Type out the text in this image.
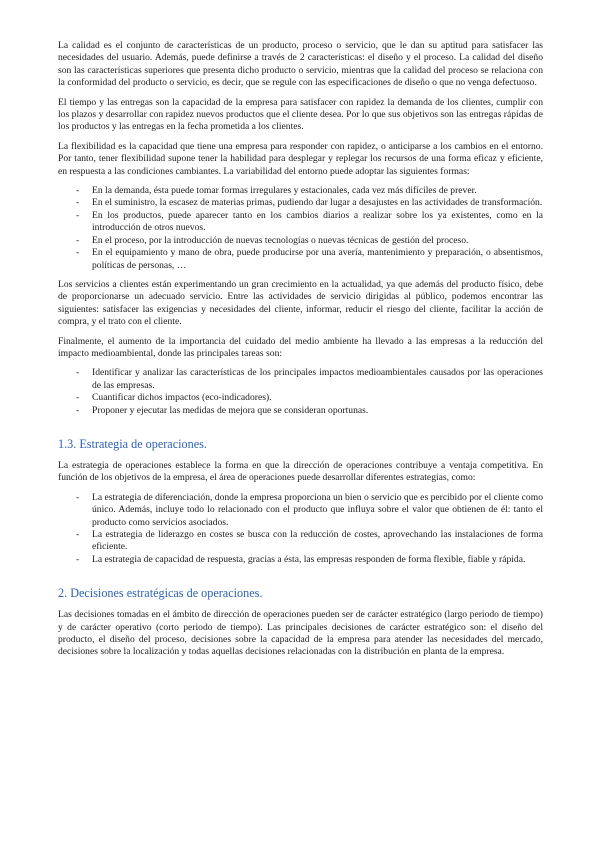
La calidad es el conjunto de características de un producto, proceso o servicio, que le dan su aptitud para satisfacer las necesidades del usuario. Además, puede definirse a través de 2 características: el diseño y el proceso. La calidad del diseño son las características superiores que presenta dicho producto o servicio, mientras que la calidad del proceso se relaciona con la conformidad del producto o servicio, es decir, que se regule con las especificaciones de diseño o que no venga defectuoso.

El tiempo y las entregas son la capacidad de la empresa para satisfacer con rapidez la demanda de los clientes, cumplir con los plazos y desarrollar con rapidez nuevos productos que el cliente desea. Por lo que sus objetivos son las entregas rápidas de los productos y las entregas en la fecha prometida a los clientes.

La flexibilidad es la capacidad que tiene una empresa para responder con rapidez, o anticiparse a los cambios en el entorno. Por tanto, tener flexibilidad supone tener la habilidad para desplegar y replegar los recursos de una forma eficaz y eficiente, en respuesta a las condiciones cambiantes. La variabilidad del entorno puede adoptar las siguientes formas:

- En la demanda, ésta puede tomar formas irregulares y estacionales, cada vez más difíciles de prever.
- En el suministro, la escasez de materias primas, pudiendo dar lugar a desajustes en las actividades de transformación.
- En los productos, puede aparecer tanto en los cambios diarios a realizar sobre los ya existentes, como en la introducción de otros nuevos.
- En el proceso, por la introducción de nuevas tecnologías o nuevas técnicas de gestión del proceso.
- En el equipamiento y mano de obra, puede producirse por una avería, mantenimiento y preparación, o absentismos, políticas de personas, …

Los servicios a clientes están experimentando un gran crecimiento en la actualidad, ya que además del producto físico, debe de proporcionarse un adecuado servicio. Entre las actividades de servicio dirigidas al público, podemos encontrar las siguientes: satisfacer las exigencias y necesidades del cliente, informar, reducir el riesgo del cliente, facilitar la acción de compra, y el trato con el cliente.

Finalmente, el aumento de la importancia del cuidado del medio ambiente ha llevado a las empresas a la reducción del impacto medioambiental, donde las principales tareas son:

- Identificar y analizar las características de los principales impactos medioambientales causados por las operaciones de las empresas.
- Cuantificar dichos impactos (eco-indicadores).
- Proponer y ejecutar las medidas de mejora que se consideran oportunas.
1.3. Estrategia de operaciones.

La estrategia de operaciones establece la forma en que la dirección de operaciones contribuye a ventaja competitiva. En función de los objetivos de la empresa, el área de operaciones puede desarrollar diferentes estrategias, como:

- La estrategia de diferenciación, donde la empresa proporciona un bien o servicio que es percibido por el cliente como único. Además, incluye todo lo relacionado con el producto que influya sobre el valor que obtienen de él: tanto el producto como servicios asociados.
- La estrategia de liderazgo en costes se busca con la reducción de costes, aprovechando las instalaciones de forma eficiente.
- La estrategia de capacidad de respuesta, gracias a ésta, las empresas responden de forma flexible, fiable y rápida.
2. Decisiones estratégicas de operaciones.

Las decisiones tomadas en el ámbito de dirección de operaciones pueden ser de carácter estratégico (largo periodo de tiempo) y de carácter operativo (corto periodo de tiempo). Las principales decisiones de carácter estratégico son: el diseño del producto, el diseño del proceso, decisiones sobre la capacidad de la empresa para atender las necesidades del mercado, decisiones sobre la localización y todas aquellas decisiones relacionadas con la distribución en planta de la empresa.
